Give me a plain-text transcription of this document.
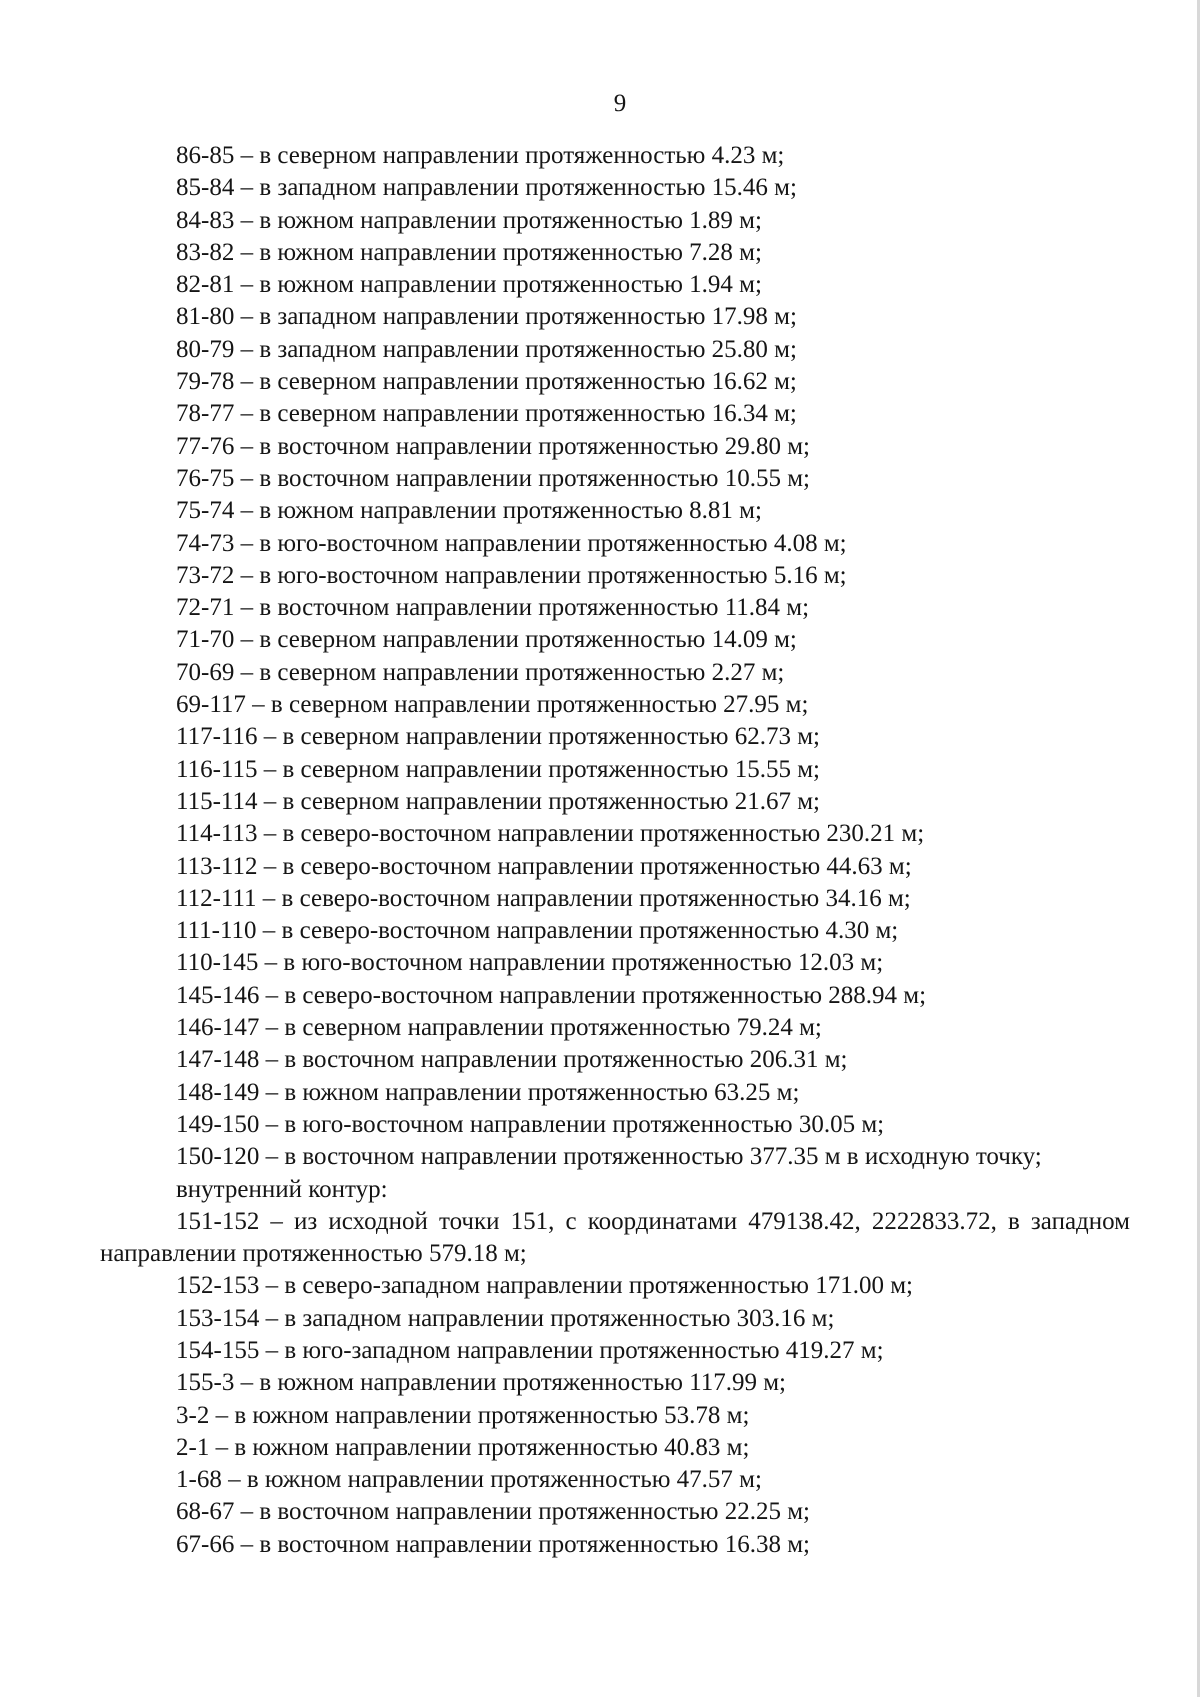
9
86-85 – в северном направлении протяженностью 4.23 м;
85-84 – в западном направлении протяженностью 15.46 м;
84-83 – в южном направлении протяженностью 1.89 м;
83-82 – в южном направлении протяженностью 7.28 м;
82-81 – в южном направлении протяженностью 1.94 м;
81-80 – в западном направлении протяженностью 17.98 м;
80-79 – в западном направлении протяженностью 25.80 м;
79-78 – в северном направлении протяженностью 16.62 м;
78-77 – в северном направлении протяженностью 16.34 м;
77-76 – в восточном направлении протяженностью 29.80 м;
76-75 – в восточном направлении протяженностью 10.55 м;
75-74 – в южном направлении протяженностью 8.81 м;
74-73 – в юго-восточном направлении протяженностью 4.08 м;
73-72 – в юго-восточном направлении протяженностью 5.16 м;
72-71 – в восточном направлении протяженностью 11.84 м;
71-70 – в северном направлении протяженностью 14.09 м;
70-69 – в северном направлении протяженностью 2.27 м;
69-117 – в северном направлении протяженностью 27.95 м;
117-116 – в северном направлении протяженностью 62.73 м;
116-115 – в северном направлении протяженностью 15.55 м;
115-114 – в северном направлении протяженностью 21.67 м;
114-113 – в северо-восточном направлении протяженностью 230.21 м;
113-112 – в северо-восточном направлении протяженностью 44.63 м;
112-111 – в северо-восточном направлении протяженностью 34.16 м;
111-110 – в северо-восточном направлении протяженностью 4.30 м;
110-145 – в юго-восточном направлении протяженностью 12.03 м;
145-146 – в северо-восточном направлении протяженностью 288.94 м;
146-147 – в северном направлении протяженностью 79.24 м;
147-148 – в восточном направлении протяженностью 206.31 м;
148-149 – в южном направлении протяженностью 63.25 м;
149-150 – в юго-восточном направлении протяженностью 30.05 м;
150-120 – в восточном направлении протяженностью 377.35 м в исходную точку;
внутренний контур:
151-152 – из исходной точки 151, с координатами 479138.42, 2222833.72, в западном направлении протяженностью 579.18 м;
152-153 – в северо-западном направлении протяженностью 171.00 м;
153-154 – в западном направлении протяженностью 303.16 м;
154-155 – в юго-западном направлении протяженностью 419.27 м;
155-3 – в южном направлении протяженностью 117.99 м;
3-2 – в южном направлении протяженностью 53.78 м;
2-1 – в южном направлении протяженностью 40.83 м;
1-68 – в южном направлении протяженностью 47.57 м;
68-67 – в восточном направлении протяженностью 22.25 м;
67-66 – в восточном направлении протяженностью 16.38 м;
